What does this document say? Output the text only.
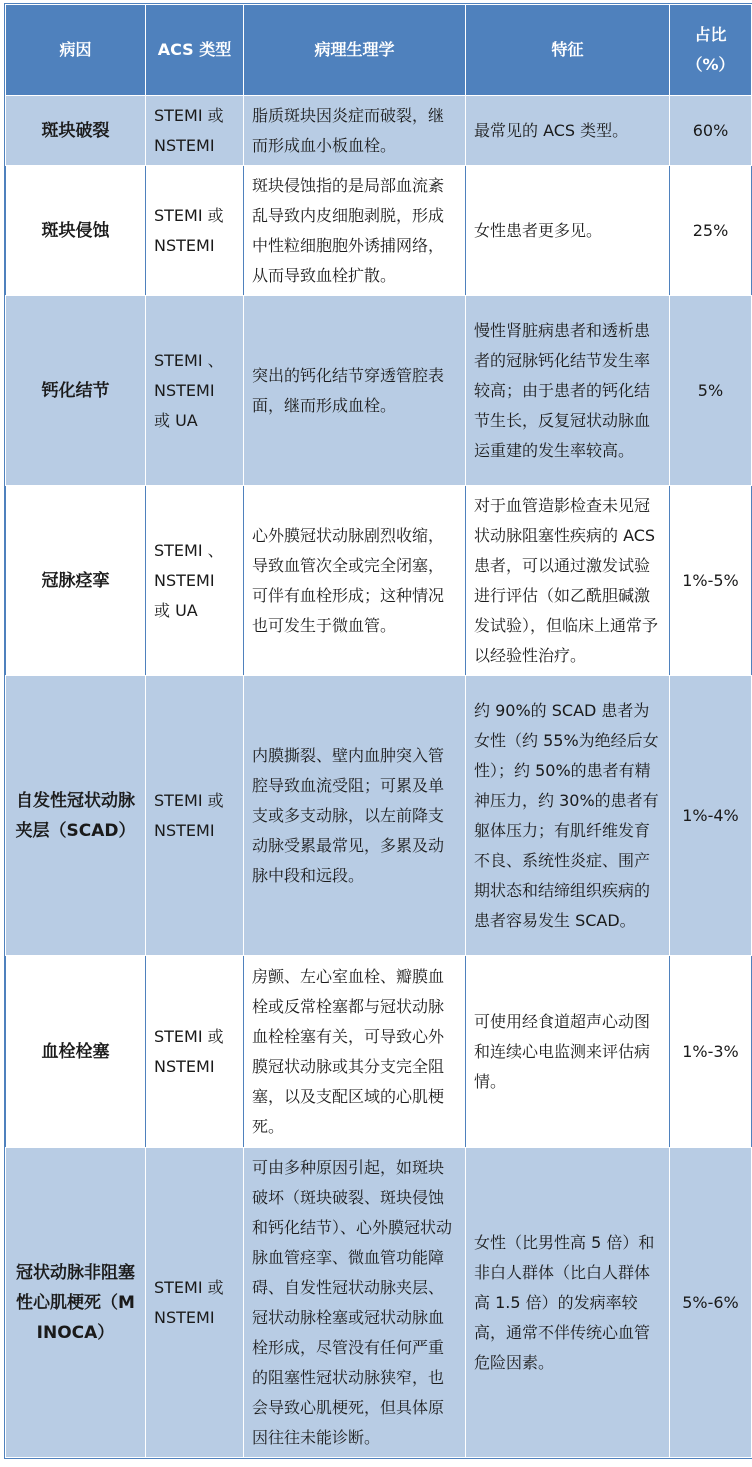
病因	ACS 类型	病理生理学	特征	占比（%）
斑块破裂	STEMI 或 NSTEMI	脂质斑块因炎症而破裂，继而形成血小板血栓。	最常见的 ACS 类型。	60%
斑块侵蚀	STEMI 或 NSTEMI	斑块侵蚀指的是局部血流紊乱导致内皮细胞剥脱，形成中性粒细胞胞外诱捕网络，从而导致血栓扩散。	女性患者更多见。	25%
钙化结节	STEMI 、NSTEMI 或 UA	突出的钙化结节穿透管腔表面，继而形成血栓。	慢性肾脏病患者和透析患者的冠脉钙化结节发生率较高；由于患者的钙化结节生长，反复冠状动脉血运重建的发生率较高。	5%
冠脉痉挛	STEMI 、NSTEMI 或 UA	心外膜冠状动脉剧烈收缩，导致血管次全或完全闭塞，可伴有血栓形成；这种情况也可发生于微血管。	对于血管造影检查未见冠状动脉阻塞性疾病的 ACS 患者，可以通过激发试验进行评估（如乙酰胆碱激发试验），但临床上通常予以经验性治疗。	1%-5%
自发性冠状动脉夹层（SCAD）	STEMI 或 NSTEMI	内膜撕裂、壁内血肿突入管腔导致血流受阻；可累及单支或多支动脉，以左前降支动脉受累最常见，多累及动脉中段和远段。	约 90%的 SCAD 患者为女性（约 55%为绝经后女性）；约 50%的患者有精神压力，约 30%的患者有躯体压力；有肌纤维发育不良、系统性炎症、围产期状态和结缔组织疾病的患者容易发生 SCAD。	1%-4%
血栓栓塞	STEMI 或 NSTEMI	房颤、左心室血栓、瓣膜血栓或反常栓塞都与冠状动脉血栓栓塞有关，可导致心外膜冠状动脉或其分支完全阻塞，以及支配区域的心肌梗死。	可使用经食道超声心动图和连续心电监测来评估病情。	1%-3%
冠状动脉非阻塞性心肌梗死（MINOCA）	STEMI 或 NSTEMI	可由多种原因引起，如斑块破坏（斑块破裂、斑块侵蚀和钙化结节）、心外膜冠状动脉血管痉挛、微血管功能障碍、自发性冠状动脉夹层、冠状动脉栓塞或冠状动脉血栓形成，尽管没有任何严重的阻塞性冠状动脉狭窄，也会导致心肌梗死，但具体原因往往未能诊断。	女性（比男性高 5 倍）和非白人群体（比白人群体高 1.5 倍）的发病率较高，通常不伴传统心血管危险因素。	5%-6%
